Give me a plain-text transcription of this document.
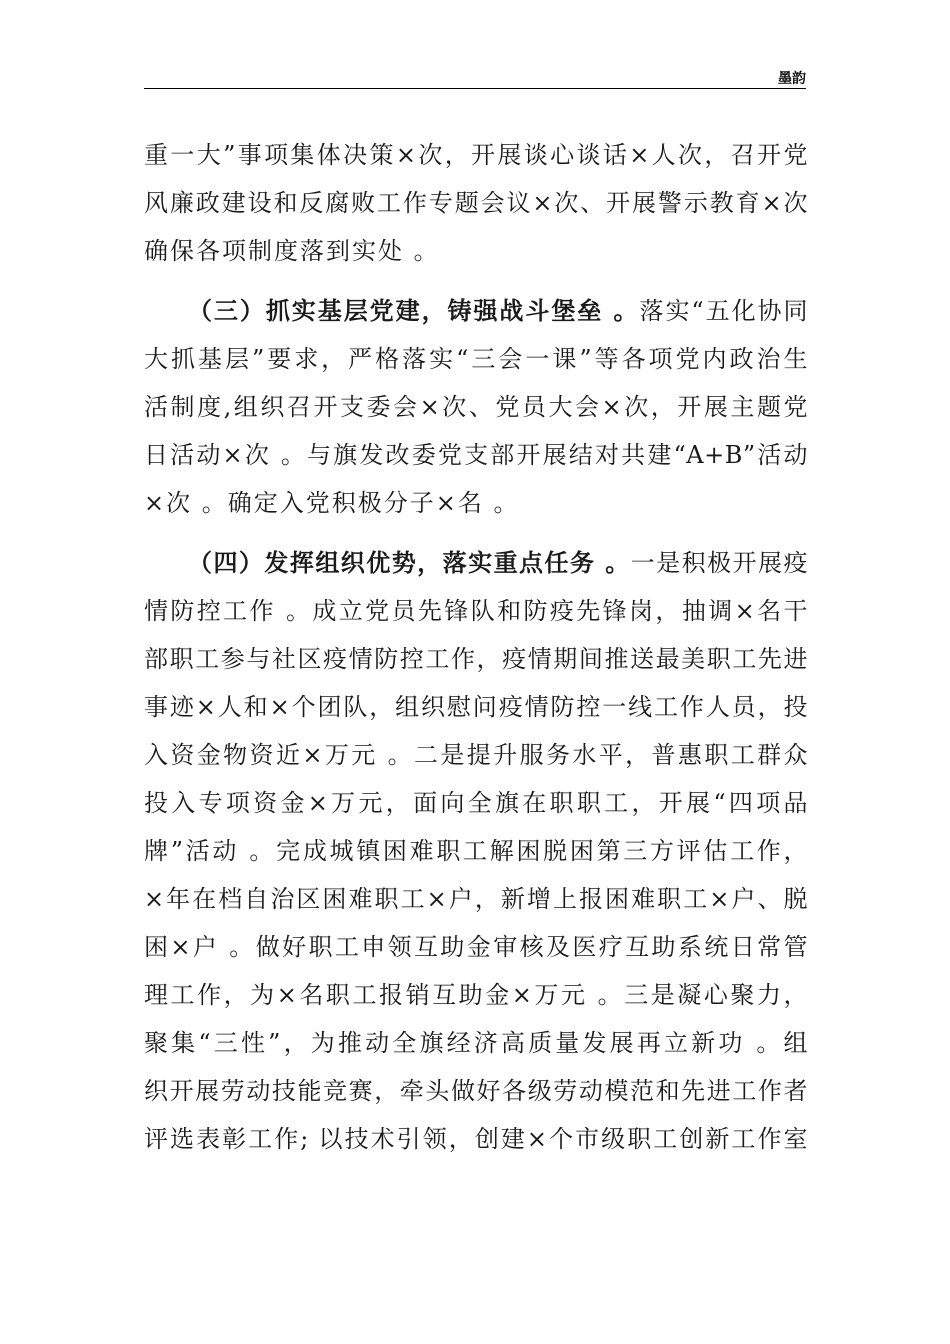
墨韵
重一大”事项集体决策×次，开展谈心谈话×人次，召开党
风廉政建设和反腐败工作专题会议×次、开展警示教育×次
确保各项制度落到实处 。
（三）抓实基层党建，铸强战斗堡垒 。落实“五化协同
大抓基层”要求，严格落实“三会一课”等各项党内政治生
活制度,组织召开支委会×次、党员大会×次，开展主题党
日活动×次 。与旗发改委党支部开展结对共建“A+B”活动
×次 。确定入党积极分子×名 。
（四）发挥组织优势，落实重点任务 。一是积极开展疫
情防控工作 。成立党员先锋队和防疫先锋岗，抽调×名干
部职工参与社区疫情防控工作，疫情期间推送最美职工先进
事迹×人和×个团队，组织慰问疫情防控一线工作人员，投
入资金物资近×万元 。二是提升服务水平，普惠职工群众
投入专项资金×万元，面向全旗在职职工，开展“四项品
牌”活动 。完成城镇困难职工解困脱困第三方评估工作，
×年在档自治区困难职工×户，新增上报困难职工×户、脱
困×户 。做好职工申领互助金审核及医疗互助系统日常管
理工作，为×名职工报销互助金×万元 。三是凝心聚力，
聚集“三性”，为推动全旗经济高质量发展再立新功 。组
织开展劳动技能竞赛，牵头做好各级劳动模范和先进工作者
评选表彰工作; 以技术引领，创建×个市级职工创新工作室
